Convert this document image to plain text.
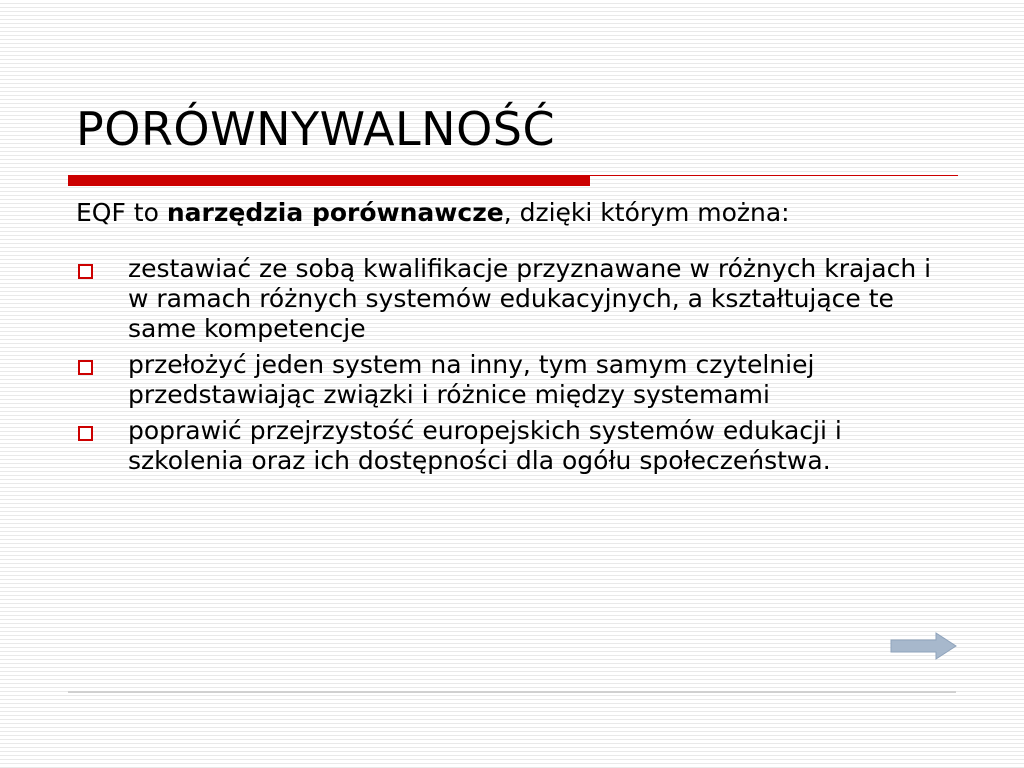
PORÓWNYWALNOŚĆ

EQF to narzędzia porównawcze, dzięki którym można:

zestawiać ze sobą kwalifikacje przyznawane w różnych krajach i w ramach różnych systemów edukacyjnych, a kształtujące te same kompetencje
przełożyć jeden system na inny, tym samym czytelniej przedstawiając związki i różnice między systemami
poprawić przejrzystość europejskich systemów edukacji i szkolenia oraz ich dostępności dla ogółu społeczeństwa.
